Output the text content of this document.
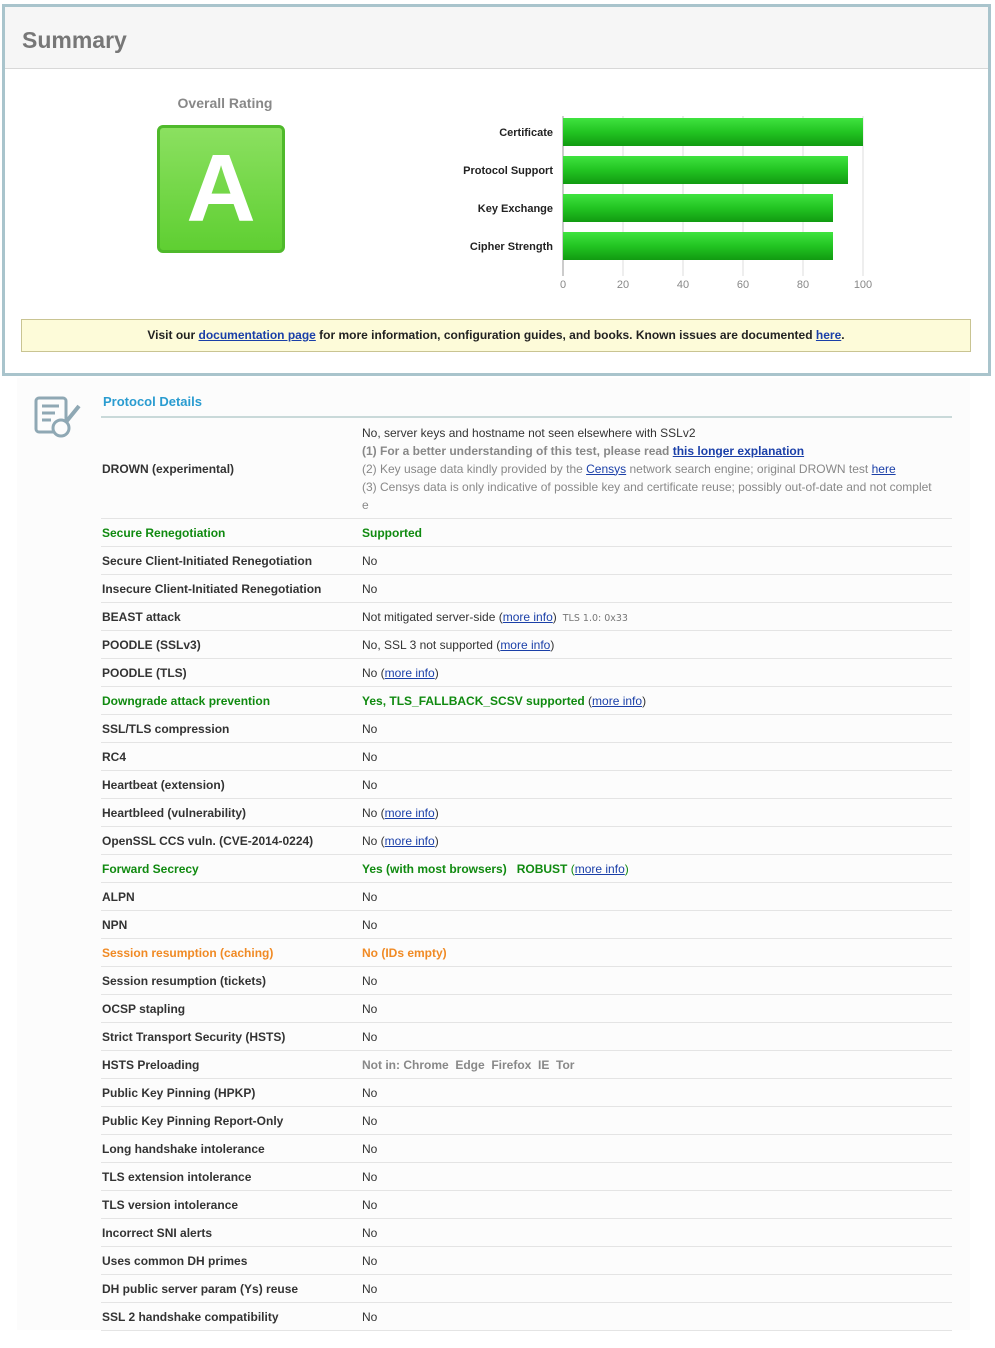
Summary
Overall Rating
A
0	20	40	60	80	100
Certificate
Protocol Support
Key Exchange
Cipher Strength
Visit our documentation page for more information, configuration guides, and books. Known issues are documented here.
Protocol Details
DROWN (experimental)
No, server keys and hostname not seen elsewhere with SSLv2
(1) For a better understanding of this test, please read this longer explanation
(2) Key usage data kindly provided by the Censys network search engine; original DROWN test here
(3) Censys data is only indicative of possible key and certificate reuse; possibly out-of-date and not complet
e
Secure Renegotiation	Supported
Secure Client-Initiated Renegotiation	No
Insecure Client-Initiated Renegotiation	No
BEAST attack	Not mitigated server-side (more info) TLS 1.0: 0x33
POODLE (SSLv3)	No, SSL 3 not supported (more info)
POODLE (TLS)	No (more info)
Downgrade attack prevention	Yes, TLS_FALLBACK_SCSV supported (more info)
SSL/TLS compression	No
RC4	No
Heartbeat (extension)	No
Heartbleed (vulnerability)	No (more info)
OpenSSL CCS vuln. (CVE-2014-0224)	No (more info)
Forward Secrecy	Yes (with most browsers)   ROBUST (more info)
ALPN	No
NPN	No
Session resumption (caching)	No (IDs empty)
Session resumption (tickets)	No
OCSP stapling	No
Strict Transport Security (HSTS)	No
HSTS Preloading	Not in: Chrome  Edge  Firefox  IE  Tor
Public Key Pinning (HPKP)	No
Public Key Pinning Report-Only	No
Long handshake intolerance	No
TLS extension intolerance	No
TLS version intolerance	No
Incorrect SNI alerts	No
Uses common DH primes	No
DH public server param (Ys) reuse	No
SSL 2 handshake compatibility	No
